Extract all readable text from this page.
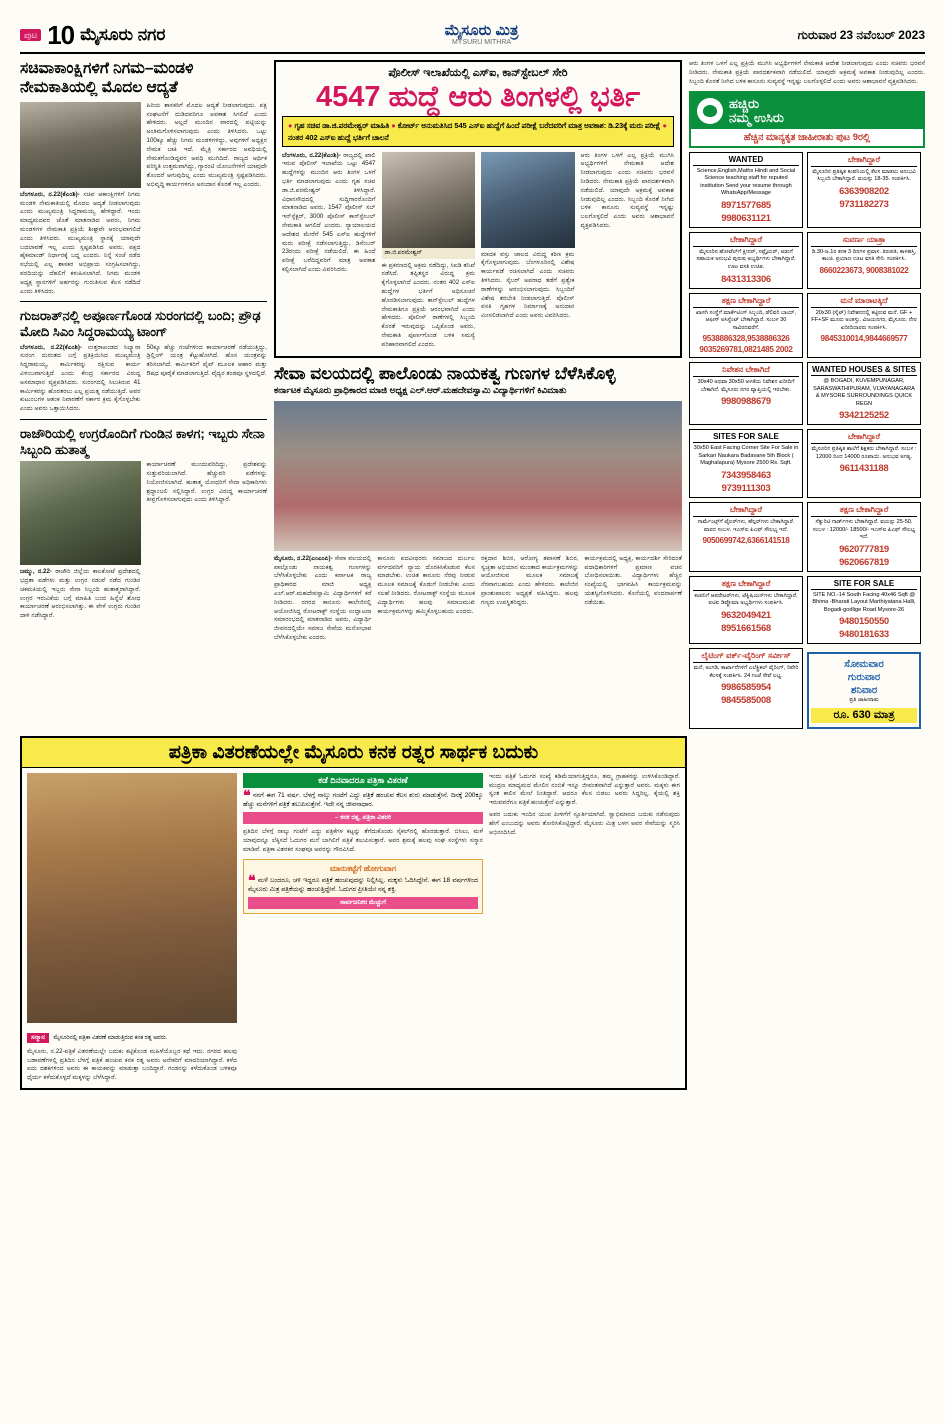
ಪುಟ 10 ಮೈಸೂರು ನಗರ	ಮೈಸೂರು ಮಿತ್ರ
MYSURU MITHRA
ಗುರುವಾರ 23 ನವೆಂಬರ್ 2023
ಸಚಿವಾಕಾಂಕ್ಷಿಗಳಿಗೆ ನಿಗಮ–ಮಂಡಳಿ ನೇಮಕಾತಿಯಲ್ಲಿ ಮೊದಲ ಆದ್ಯತೆ
ಬೆಂಗಳೂರು, ನ.22(ಕೆಎಂಶಿ)- ಸಚಿವ ಆಕಾಂಕ್ಷಿಗಳಿಗೆ ನಿಗಮ ಮಂಡಳಿ ನೇಮಕಾತಿಯಲ್ಲಿ ಮೊದಲ ಆದ್ಯತೆ ನೀಡಲಾಗುವುದು ಎಂದು ಮುಖ್ಯಮಂತ್ರಿ ಸಿದ್ದರಾಮಯ್ಯ ಹೇಳಿದ್ದಾರೆ. ಇಂದು ಮಾಧ್ಯಮದವರ ಜೊತೆ ಮಾತನಾಡಿದ ಅವರು, ನಿಗಮ ಮಂಡಳಿಗಳ ನೇಮಕಾತಿ ಪ್ರಕ್ರಿಯೆ ಶೀಘ್ರವೇ ಆರಂಭವಾಗಲಿದೆ ಎಂದು ತಿಳಿಸಿದರು. ಮುಖ್ಯಮಂತ್ರಿ ಸ್ಥಾನಕ್ಕೆ ಯಾವುದೇ ಬದಲಾವಣೆ ಇಲ್ಲ ಎಂದು ಸ್ಪಷ್ಟಪಡಿಸಿದ ಅವರು, ಪಕ್ಷದ ಹೈಕಮಾಂಡ್ ನಿರ್ಧಾರಕ್ಕೆ ಬದ್ಧ ಎಂದರು. ನಿನ್ನೆ ಸಂಜೆ ನಡೆದ ಸಭೆಯಲ್ಲಿ ಎಲ್ಲ ಶಾಸಕರ ಅಭಿಪ್ರಾಯ ಸಂಗ್ರಹಿಸಲಾಗಿದ್ದು, ವರದಿಯನ್ನು ದೆಹಲಿಗೆ ಕಳುಹಿಸಲಾಗಿದೆ. ನಿಗಮ ಮಂಡಳಿ ಅಧ್ಯಕ್ಷ ಸ್ಥಾನಗಳಿಗೆ ಅರ್ಹರನ್ನು ಗುರುತಿಸುವ ಕೆಲಸ ನಡೆದಿದೆ ಎಂದು ತಿಳಿಸಿದರು.
ಹಿರಿಯ ಶಾಸಕರಿಗೆ ಮೊದಲ ಆದ್ಯತೆ ನೀಡಲಾಗುವುದು. ಪಕ್ಷ ಸಂಘಟನೆಗೆ ದುಡಿದವರಿಗೂ ಅವಕಾಶ ಸಿಗಲಿದೆ ಎಂದು ಹೇಳಿದರು. ಅಲ್ಲದೆ ಮುಂದಿನ ವಾರದಲ್ಲಿ ಪಟ್ಟಿಯನ್ನು ಅಂತಿಮಗೊಳಿಸಲಾಗುವುದು ಎಂದು ತಿಳಿಸಿದರು. ಒಟ್ಟು 100ಕ್ಕೂ ಹೆಚ್ಚು ನಿಗಮ ಮಂಡಳಿಗಳಿದ್ದು, ಅವುಗಳಿಗೆ ಅಧ್ಯಕ್ಷರ ನೇಮಕ ಬಾಕಿ ಇದೆ. ಮೈತ್ರಿ ಸರ್ಕಾರದ ಅವಧಿಯಲ್ಲಿ ನೇಮಕಗೊಂಡಿದ್ದವರ ಅವಧಿ ಮುಗಿದಿದೆ. ರಾಜ್ಯದ ಆರ್ಥಿಕ ಪರಿಸ್ಥಿತಿ ಉತ್ತಮವಾಗಿದ್ದು, ಗ್ಯಾರಂಟಿ ಯೋಜನೆಗಳಿಗೆ ಯಾವುದೇ ತೊಂದರೆ ಆಗುವುದಿಲ್ಲ ಎಂದು ಮುಖ್ಯಮಂತ್ರಿ ಸ್ಪಷ್ಟಪಡಿಸಿದರು. ಅಭಿವೃದ್ಧಿ ಕಾರ್ಯಗಳಿಗೂ ಅನುದಾನ ಕೊರತೆ ಇಲ್ಲ ಎಂದರು.
ಗುಜರಾತ್‌ನಲ್ಲಿ ಅಪೂರ್ಣಗೊಂಡ ಸುರಂಗದಲ್ಲಿ ಬಂದಿ; ಪ್ರೌಢ ಮೋದಿ ಸಿಎಂ ಸಿದ್ದರಾಮಯ್ಯ ಟಾಂಗ್
ಬೆಂಗಳೂರು, ನ.22(ಕೆಎಂಶಿ)- ಉತ್ತರಾಖಂಡದ ಸಿಲ್ಕ್ಯಾರಾ ಸುರಂಗ ದುರಂತದ ಬಗ್ಗೆ ಪ್ರತಿಕ್ರಿಯಿಸಿದ ಮುಖ್ಯಮಂತ್ರಿ ಸಿದ್ದರಾಮಯ್ಯ, ಕಾರ್ಮಿಕರನ್ನು ರಕ್ಷಿಸುವ ಕಾರ್ಯ ವಿಳಂಬವಾಗುತ್ತಿದೆ ಎಂದು ಕೇಂದ್ರ ಸರ್ಕಾರದ ವಿರುದ್ಧ ಅಸಮಾಧಾನ ವ್ಯಕ್ತಪಡಿಸಿದರು. ಸುರಂಗದಲ್ಲಿ ಸಿಲುಕಿರುವ 41 ಕಾರ್ಮಿಕರನ್ನು ಹೊರತರಲು ಎಲ್ಲ ಪ್ರಯತ್ನ ನಡೆಯುತ್ತಿದೆ. ಅವರ ಕುಟುಂಬಗಳ ಆತಂಕ ನಿವಾರಣೆಗೆ ಸರ್ಕಾರ ಕ್ರಮ ಕೈಗೊಳ್ಳಬೇಕು ಎಂದು ಅವರು ಒತ್ತಾಯಿಸಿದರು.
50ಕ್ಕೂ ಹೆಚ್ಚು ಗಂಟೆಗಳಿಂದ ಕಾರ್ಯಾಚರಣೆ ನಡೆಯುತ್ತಿದ್ದು, ಡ್ರಿಲ್ಲಿಂಗ್ ಯಂತ್ರ ಕೆಟ್ಟುಹೋಗಿದೆ. ಹೊಸ ಯಂತ್ರವನ್ನು ತರಿಸಲಾಗಿದೆ. ಕಾರ್ಮಿಕರಿಗೆ ಪೈಪ್ ಮೂಲಕ ಆಹಾರ ಮತ್ತು ಔಷಧ ಪೂರೈಕೆ ಮಾಡಲಾಗುತ್ತಿದೆ. ವೈದ್ಯರ ತಂಡವೂ ಸ್ಥಳದಲ್ಲಿದೆ.
ರಾಜೌರಿಯಲ್ಲಿ ಉಗ್ರರೊಂದಿಗೆ ಗುಂಡಿನ ಕಾಳಗ; ಇಬ್ಬರು ಸೇನಾ ಸಿಬ್ಬಂದಿ ಹುತಾತ್ಮ
ಜಮ್ಮು, ನ.22- ರಾಜೌರಿ ಜಿಲ್ಲೆಯ ಕಾಲಕೋಟೆ ಪ್ರದೇಶದಲ್ಲಿ ಭದ್ರತಾ ಪಡೆಗಳು ಮತ್ತು ಉಗ್ರರ ನಡುವೆ ನಡೆದ ಗುಂಡಿನ ಚಕಮಕಿಯಲ್ಲಿ ಇಬ್ಬರು ಸೇನಾ ಸಿಬ್ಬಂದಿ ಹುತಾತ್ಮರಾಗಿದ್ದಾರೆ. ಉಗ್ರರ ಇರುವಿಕೆಯ ಬಗ್ಗೆ ಮಾಹಿತಿ ಬಂದ ಹಿನ್ನೆಲೆ ಶೋಧ ಕಾರ್ಯಾಚರಣೆ ಆರಂಭಿಸಲಾಗಿತ್ತು. ಈ ವೇಳೆ ಉಗ್ರರು ಗುಂಡಿನ ದಾಳಿ ನಡೆಸಿದ್ದಾರೆ.
ಕಾರ್ಯಾಚರಣೆ ಮುಂದುವರಿದಿದ್ದು, ಪ್ರದೇಶವನ್ನು ಸುತ್ತುವರಿಯಲಾಗಿದೆ. ಹೆಚ್ಚುವರಿ ಪಡೆಗಳನ್ನು ನಿಯೋಜಿಸಲಾಗಿದೆ. ಹುತಾತ್ಮ ಯೋಧರಿಗೆ ಸೇನಾ ಅಧಿಕಾರಿಗಳು ಶ್ರದ್ಧಾಂಜಲಿ ಸಲ್ಲಿಸಿದ್ದಾರೆ. ಉಗ್ರರ ವಿರುದ್ಧ ಕಾರ್ಯಾಚರಣೆ ತೀವ್ರಗೊಳಿಸಲಾಗುವುದು ಎಂದು ತಿಳಿಸಿದ್ದಾರೆ.
ಪೊಲೀಸ್ ಇಲಾಖೆಯಲ್ಲಿ ಎಸ್‌ಐ, ಕಾನ್‌ಸ್ಟೇಬಲ್ ಸೇರಿ
4547 ಹುದ್ದೆ ಆರು ತಿಂಗಳಲ್ಲಿ ಭರ್ತಿ
● ಗೃಹ ಸಚಿವ ಡಾ.ಜಿ.ಪರಮೇಶ್ವರ್ ಮಾಹಿತಿ ● ಕೋರ್ಟ್ ಅನುಮತಿಸಿದ 545 ಎಸ್‌ಐ ಹುದ್ದೆಗೆ ಹಿಂದೆ ಪರೀಕ್ಷೆ ಬರೆದವರಿಗೆ ಮಾತ್ರ ಅವಕಾಶ: ಡಿ.23ಕ್ಕೆ ಮರು ಪರೀಕ್ಷೆ ● ನಂತರ 402 ಎಸ್‌ಐ ಹುದ್ದೆ ಭರ್ತಿಗೆ ಚಾಲನೆ
ಬೆಂಗಳೂರು, ನ.22(ಕೆಎಂಶಿ)- ರಾಜ್ಯದಲ್ಲಿ ಖಾಲಿ ಇರುವ ಪೊಲೀಸ್ ಇಲಾಖೆಯ ಒಟ್ಟು 4547 ಹುದ್ದೆಗಳನ್ನು ಮುಂದಿನ ಆರು ತಿಂಗಳ ಒಳಗೆ ಭರ್ತಿ ಮಾಡಲಾಗುವುದು ಎಂದು ಗೃಹ ಸಚಿವ ಡಾ.ಜಿ.ಪರಮೇಶ್ವರ್ ತಿಳಿಸಿದ್ದಾರೆ. ವಿಧಾನಸೌಧದಲ್ಲಿ ಸುದ್ದಿಗಾರರೊಂದಿಗೆ ಮಾತನಾಡಿದ ಅವರು, 1547 ಪೊಲೀಸ್ ಸಬ್ ಇನ್‌ಸ್ಪೆಕ್ಟರ್, 3000 ಪೊಲೀಸ್ ಕಾನ್‌ಸ್ಟೇಬಲ್ ನೇಮಕಾತಿ ಆಗಲಿದೆ ಎಂದರು. ನ್ಯಾಯಾಲಯದ ಆದೇಶದ ಮೇರೆಗೆ 545 ಎಸ್‌ಐ ಹುದ್ದೆಗಳಿಗೆ ಮರು ಪರೀಕ್ಷೆ ನಡೆಸಲಾಗುತ್ತಿದ್ದು, ಡಿಸೆಂಬರ್ 23ರಂದು ಪರೀಕ್ಷೆ ನಡೆಯಲಿದೆ. ಈ ಹಿಂದೆ ಪರೀಕ್ಷೆ ಬರೆದಿದ್ದವರಿಗೆ ಮಾತ್ರ ಅವಕಾಶ ಕಲ್ಪಿಸಲಾಗಿದೆ ಎಂದು ವಿವರಿಸಿದರು.
ಡಾ.ಜಿ.ಪರಮೇಶ್ವರ್
ಈ ಪ್ರಕರಣದಲ್ಲಿ ಅಕ್ರಮ ನಡೆದಿದ್ದು, ಸಿಐಡಿ ತನಿಖೆ ನಡೆಸಿದೆ. ತಪ್ಪಿತಸ್ಥರ ವಿರುದ್ಧ ಕ್ರಮ ಕೈಗೊಳ್ಳಲಾಗಿದೆ ಎಂದರು. ನಂತರ 402 ಎಸ್‌ಐ ಹುದ್ದೆಗಳ ಭರ್ತಿಗೆ ಅಧಿಸೂಚನೆ ಹೊರಡಿಸಲಾಗುವುದು. ಕಾನ್‌ಸ್ಟೇಬಲ್ ಹುದ್ದೆಗಳ ನೇಮಕಾತಿಗೂ ಪ್ರಕ್ರಿಯೆ ಆರಂಭವಾಗಿದೆ ಎಂದು ಹೇಳಿದರು. ಪೊಲೀಸ್ ಠಾಣೆಗಳಲ್ಲಿ ಸಿಬ್ಬಂದಿ ಕೊರತೆ ಇರುವುದನ್ನು ಒಪ್ಪಿಕೊಂಡ ಅವರು, ನೇಮಕಾತಿ ಪೂರ್ಣಗೊಂಡ ಬಳಿಕ ಸಮಸ್ಯೆ ಪರಿಹಾರವಾಗಲಿದೆ ಎಂದರು.
ಮಾದಕ ವಸ್ತು ಜಾಲದ ವಿರುದ್ಧ ಕಠಿಣ ಕ್ರಮ ಕೈಗೊಳ್ಳಲಾಗುವುದು. ಬೆಂಗಳೂರಿನಲ್ಲಿ ವಿಶೇಷ ಕಾರ್ಯಪಡೆ ರಚಿಸಲಾಗಿದೆ ಎಂದು ಸಚಿವರು ತಿಳಿಸಿದರು. ಸೈಬರ್ ಅಪರಾಧ ತಡೆಗೆ ಪ್ರತ್ಯೇಕ ಠಾಣೆಗಳನ್ನು ಆರಂಭಿಸಲಾಗುವುದು. ಸಿಬ್ಬಂದಿಗೆ ವಿಶೇಷ ತರಬೇತಿ ನೀಡಲಾಗುತ್ತಿದೆ. ಪೊಲೀಸ್ ವಸತಿ ಗೃಹಗಳ ನಿರ್ಮಾಣಕ್ಕೆ ಅನುದಾನ ಮೀಸಲಿಡಲಾಗಿದೆ ಎಂದು ಅವರು ವಿವರಿಸಿದರು.
ಆರು ತಿಂಗಳ ಒಳಗೆ ಎಲ್ಲ ಪ್ರಕ್ರಿಯೆ ಮುಗಿಸಿ ಅಭ್ಯರ್ಥಿಗಳಿಗೆ ನೇಮಕಾತಿ ಆದೇಶ ನೀಡಲಾಗುವುದು ಎಂದು ಸಚಿವರು ಭರವಸೆ ನೀಡಿದರು. ನೇಮಕಾತಿ ಪ್ರಕ್ರಿಯೆ ಪಾರದರ್ಶಕವಾಗಿ ನಡೆಯಲಿದೆ. ಯಾವುದೇ ಅಕ್ರಮಕ್ಕೆ ಅವಕಾಶ ನೀಡುವುದಿಲ್ಲ ಎಂದರು. ಸಿಬ್ಬಂದಿ ಕೊರತೆ ನೀಗಿದ ಬಳಿಕ ಕಾನೂನು ಸುವ್ಯವಸ್ಥೆ ಇನ್ನಷ್ಟು ಬಲಗೊಳ್ಳಲಿದೆ ಎಂದು ಅವರು ಆಶಾಭಾವನೆ ವ್ಯಕ್ತಪಡಿಸಿದರು.
ಸೇವಾ ವಲಯದಲ್ಲಿ ಪಾಲೊಂಡು ನಾಯಕತ್ವ ಗುಣಗಳ ಬೆಳೆಸಿಕೊಳ್ಳಿ
ಕರ್ನಾಟಕ ಮೈಸೂರು ಪ್ರಾಧಿಕಾರದ ಮಾಜಿ ಅಧ್ಯಕ್ಷ ಎಲ್.ಆರ್.ಮಹದೇವಸ್ವಾಮಿ ವಿದ್ಯಾರ್ಥಿಗಳಿಗೆ ಕಿವಿಮಾತು
ಮೈಸೂರು, ನ.22(ಎಂಎಂಪಿ)- ಸೇವಾ ವಲಯದಲ್ಲಿ ಪಾಲ್ಗೊಂಡು ನಾಯಕತ್ವ ಗುಣಗಳನ್ನು ಬೆಳೆಸಿಕೊಳ್ಳಬೇಕು ಎಂದು ಕರ್ನಾಟಕ ರಾಜ್ಯ ಪ್ರಾಧಿಕಾರದ ಮಾಜಿ ಅಧ್ಯಕ್ಷ ಎಲ್.ಆರ್.ಮಹದೇವಸ್ವಾಮಿ ವಿದ್ಯಾರ್ಥಿಗಳಿಗೆ ಕರೆ ನೀಡಿದರು. ನಗರದ ಕಾನೂನು ಕಾಲೇಜಿನಲ್ಲಿ ಆಯೋಜಿಸಿದ್ದ ರೋಟರಾಕ್ಟ್ ಸಂಸ್ಥೆಯ ಉದ್ಘಾಟನಾ ಸಮಾರಂಭದಲ್ಲಿ ಮಾತನಾಡಿದ ಅವರು, ವಿದ್ಯಾರ್ಥಿ ಜೀವನದಲ್ಲಿಯೇ ಸಮಾಜ ಸೇವೆಯ ಮನೋಭಾವ ಬೆಳೆಸಿಕೊಳ್ಳಬೇಕು ಎಂದರು.
ಕಾನೂನು ಪದವೀಧರರು ಸಮಾಜದ ದುರ್ಬಲ ವರ್ಗದವರಿಗೆ ನ್ಯಾಯ ದೊರಕಿಸಿಕೊಡುವ ಕೆಲಸ ಮಾಡಬೇಕು. ಉಚಿತ ಕಾನೂನು ನೆರವು ನೀಡುವ ಮೂಲಕ ಸಮಾಜಕ್ಕೆ ಕೊಡುಗೆ ನೀಡಬೇಕು ಎಂದು ಸಲಹೆ ನೀಡಿದರು. ರೋಟರಾಕ್ಟ್ ಸಂಸ್ಥೆಯ ಮೂಲಕ ವಿದ್ಯಾರ್ಥಿಗಳು ಹಲವು ಸಮಾಜಮುಖಿ ಕಾರ್ಯಕ್ರಮಗಳನ್ನು ಹಮ್ಮಿಕೊಳ್ಳಬಹುದು ಎಂದರು.
ರಕ್ತದಾನ ಶಿಬಿರ, ಆರೋಗ್ಯ ತಪಾಸಣೆ ಶಿಬಿರ, ಸ್ವಚ್ಛತಾ ಅಭಿಯಾನ ಮುಂತಾದ ಕಾರ್ಯಕ್ರಮಗಳನ್ನು ಆಯೋಜಿಸುವ ಮೂಲಕ ಸಮಾಜಕ್ಕೆ ನೆರವಾಗಬಹುದು ಎಂದು ಹೇಳಿದರು. ಕಾಲೇಜಿನ ಪ್ರಾಂಶುಪಾಲರು ಅಧ್ಯಕ್ಷತೆ ವಹಿಸಿದ್ದರು. ಹಲವು ಗಣ್ಯರು ಉಪಸ್ಥಿತರಿದ್ದರು.
ಕಾರ್ಯಕ್ರಮದಲ್ಲಿ ಅಧ್ಯಕ್ಷ, ಕಾರ್ಯದರ್ಶಿ ಸೇರಿದಂತೆ ಪದಾಧಿಕಾರಿಗಳಿಗೆ ಪ್ರಮಾಣ ವಚನ ಬೋಧಿಸಲಾಯಿತು. ವಿದ್ಯಾರ್ಥಿಗಳು ಹೆಚ್ಚಿನ ಸಂಖ್ಯೆಯಲ್ಲಿ ಭಾಗವಹಿಸಿ ಕಾರ್ಯಕ್ರಮವನ್ನು ಯಶಸ್ವಿಗೊಳಿಸಿದರು. ಕೊನೆಯಲ್ಲಿ ವಂದನಾರ್ಪಣೆ ನಡೆಯಿತು.
ಆರು ತಿಂಗಳ ಒಳಗೆ ಎಲ್ಲ ಪ್ರಕ್ರಿಯೆ ಮುಗಿಸಿ ಅಭ್ಯರ್ಥಿಗಳಿಗೆ ನೇಮಕಾತಿ ಆದೇಶ ನೀಡಲಾಗುವುದು ಎಂದು ಸಚಿವರು ಭರವಸೆ ನೀಡಿದರು. ನೇಮಕಾತಿ ಪ್ರಕ್ರಿಯೆ ಪಾರದರ್ಶಕವಾಗಿ ನಡೆಯಲಿದೆ. ಯಾವುದೇ ಅಕ್ರಮಕ್ಕೆ ಅವಕಾಶ ನೀಡುವುದಿಲ್ಲ ಎಂದರು. ಸಿಬ್ಬಂದಿ ಕೊರತೆ ನೀಗಿದ ಬಳಿಕ ಕಾನೂನು ಸುವ್ಯವಸ್ಥೆ ಇನ್ನಷ್ಟು ಬಲಗೊಳ್ಳಲಿದೆ ಎಂದು ಅವರು ಆಶಾಭಾವನೆ ವ್ಯಕ್ತಪಡಿಸಿದರು.
ಹಚ್ಚಿರು
ನಮ್ಮ ಉಸಿರು
ಹೆಚ್ಚಿನ ಮಾನ್ಯಕೃತ ಜಾಹೀರಾತು ಪುಟ 9ರಲ್ಲಿ
WANTED
Science,English,Maths Hindi and Social Science teaching staff for reputed institution Send your resume through WhatsApp/Message
8971577685
9980631121
ಬೇಕಾಗಿದ್ದಾರೆ
ಮೈಸೂರಿನ ಪ್ರತಿಷ್ಠಿತ ಕಂಪನಿಯಲ್ಲಿ ಕೆಲಸ ಮಾಡಲು ಅನುಭವಿ ಸಿಬ್ಬಂದಿ ಬೇಕಾಗಿದ್ದಾರೆ. ವಯಸ್ಸು 18-35. ಸಂಪರ್ಕಿಸಿ.
6363908202
9731182273
ಬೇಕಾಗಿದ್ದಾರೆ
ಮೈಸೂರಿನ ಹೋಟೆಲ್‌ಗೆ ಕ್ಲೀನರ್, ಸಪ್ಲೈಯರ್, ಅಡುಗೆ ಸಹಾಯಕ ಅನುಭವಿ ಪುರುಷ ಅಭ್ಯರ್ಥಿಗಳು ಬೇಕಾಗಿದ್ದಾರೆ. ಊಟ ವಸತಿ ಉಚಿತ.
8431313306
ಸುವರ್ಣ ಯಾತ್ರಾ
ಡಿ.30-ಜ.1ರ ತನಕ 3 ದಿನಗಳ ಪ್ರವಾಸ. ತಿರುಪತಿ, ಕಾಳಹಸ್ತಿ, ಕಾಂಚಿ. ಪ್ರಯಾಣ ಊಟ ವಸತಿ ಸೇರಿ. ಸಂಪರ್ಕಿಸಿ.
8660223673, 9008381022
ತಕ್ಷಣ ಬೇಕಾಗಿದ್ದಾರೆ
ಖಾಸಗಿ ಸಂಸ್ಥೆಗೆ ಮಾರ್ಕೆಟಿಂಗ್ ಸಿಬ್ಬಂದಿ, ಡೆಲಿವರಿ ಬಾಯ್, ಆಫೀಸ್ ಅಸಿಸ್ಟೆಂಟ್ ಬೇಕಾಗಿದ್ದಾರೆ. ಸಂಬಳ 30 ಸಾವಿರದವರೆಗೆ.
9538886328,9538886326
9035269781,0821485 2002
ಮನೆ ಮಾರಾಟಕ್ಕಿದೆ
20x30 (ಸೈಟ್) ನಿವೇಶನದಲ್ಲಿ ಕಟ್ಟಿರುವ ಮನೆ. GF + FF+SF ಮೂರು ಅಂತಸ್ತು. ವಿಜಯನಗರ, ಮೈಸೂರು. ನೇರ ಖರೀದಿದಾರರು ಸಂಪರ್ಕಿಸಿ.
9845310014,9844669577
ನಿವೇಶನ ಬೇಕಾಗಿದೆ
30x40 ಅಥವಾ 30x50 ಅಳತೆಯ ನಿವೇಶನ ಖರೀದಿಗೆ ಬೇಕಾಗಿದೆ. ಮೈಸೂರು ನಗರ ವ್ಯಾಪ್ತಿಯಲ್ಲಿ ಇರಬೇಕು.
9980988679
WANTED HOUSES & SITES
@ BOGADI, KUVEMPUNAGAR, SARASWATHIPURAM, VIJAYANAGARA & MYSORE SURROUNDINGS QUICK REGN
9342125252
SITES FOR SALE
30x50 East Facing Corner Site For Sale in Sarkari Naukara Badavane 5th Block ( Maghalapura) Mysore 2500 Rs. Sqft.
7343958463
9739111303
ಬೇಕಾಗಿದ್ದಾರೆ
ಮೈಸೂರಿನ ಪ್ರತಿಷ್ಠಿತ ಶಾಲೆಗೆ ಶಿಕ್ಷಕರು ಬೇಕಾಗಿದ್ದಾರೆ. ಸಂಬಳ : 12000 ದಿಂದ 14000 ರೂಪಾಯಿ. ಅನುಭವ ಅಗತ್ಯ.
9611431188
ಬೇಕಾಗಿದ್ದಾರೆ
ಗಾರ್ಮೆಂಟ್ಸ್‌ಗೆ ಟೈಲರ್‌ಗಳು, ಹೆಲ್ಪರ್‌ಗಳು ಬೇಕಾಗಿದ್ದಾರೆ. ವಾರದ ಸಂಬಳ. ಇಎಸ್‌ಐ ಪಿಎಫ್ ಸೌಲಭ್ಯ ಇದೆ.
9050699742,6366141518
ತಕ್ಷಣ ಬೇಕಾಗಿದ್ದಾರೆ
ಸೆಕ್ಯುರಿಟಿ ಗಾರ್ಡ್‌ಗಳು ಬೇಕಾಗಿದ್ದಾರೆ. ವಯಸ್ಸು 25-50. ಸಂಬಳ : 12000/- 18500/- ಇಎಸ್‌ಐ ಪಿಎಫ್ ಸೌಲಭ್ಯ ಇದೆ.
9620777819
9620667819
ತಕ್ಷಣ ಬೇಕಾಗಿದ್ದಾರೆ
ಕಂಪನಿಗೆ ಆಪರೇಟರ್‌ಗಳು, ಟೆಕ್ನಿಷಿಯನ್‌ಗಳು ಬೇಕಾಗಿದ್ದಾರೆ. ಐಟಿಐ ಡಿಪ್ಲೊಮಾ ಅಭ್ಯರ್ಥಿಗಳು ಸಂಪರ್ಕಿಸಿ.
9632049421
8951661568
SITE FOR SALE
SITE NO.-14 South Facing 40x46 Sqft @ Bhima -Bharati Layout Marthiyatana Halli, Bogadi-godlige Road Mysore-26
9480150550
9480181633
ಲೈಟಿಂಗ್ ವರ್ಕ್-ವೈರಿಂಗ್ ಸರ್ವೀಸ್
ಮನೆ, ಅಂಗಡಿ, ಕಾರ್ಖಾನೆಗಳಿಗೆ ಎಲೆಕ್ಟ್ರಿಕಲ್ ವೈರಿಂಗ್, ರಿಪೇರಿ ಕೆಲಸಕ್ಕೆ ಸಂಪರ್ಕಿಸಿ. 24 ಗಂಟೆ ಸೇವೆ ಲಭ್ಯ.
9986585954
9845585008
ಸೋಮವಾರ
ಗುರುವಾರ
ಶನಿವಾರ
ಪ್ರತಿ ಜಾಹೀರಾತು
ರೂ. 630 ಮಾತ್ರ
ಪತ್ರಿಕಾ ವಿತರಣೆಯಲ್ಲೇ ಮೈಸೂರು ಕನಕ ರತ್ನರ ಸಾರ್ಥಕ ಬದುಕು
ಸನ್ಮಾನ ಮೈಸೂರಿನಲ್ಲಿ ಪತ್ರಿಕಾ ವಿತರಣೆ ಮಾಡುತ್ತಿರುವ ಕನಕ ರತ್ನ ಅವರು.
ಮೈಸೂರು, ನ.22-ಪತ್ರಿಕೆ ವಿತರಣೆಯಲ್ಲೇ ಬದುಕು ಕಟ್ಟಿಕೊಂಡ ಮಹಿಳೆಯೊಬ್ಬರ ಕಥೆ ಇದು. ನಗರದ ಹಲವು ಬಡಾವಣೆಗಳಲ್ಲಿ ಪ್ರತಿದಿನ ಬೆಳಗ್ಗೆ ಪತ್ರಿಕೆ ಹಂಚುವ ಕನಕ ರತ್ನ ಅವರು ಅನೇಕರಿಗೆ ಮಾದರಿಯಾಗಿದ್ದಾರೆ. ಕಳೆದ ಐದು ದಶಕಗಳಿಂದ ಅವರು ಈ ಕಾಯಕವನ್ನು ಮಾಡುತ್ತಾ ಬಂದಿದ್ದಾರೆ. ಗಂಡನನ್ನು ಕಳೆದುಕೊಂಡ ಬಳಿಕವೂ ಧೈರ್ಯ ಕಳೆದುಕೊಳ್ಳದೆ ಮಕ್ಕಳನ್ನು ಬೆಳೆಸಿದ್ದಾರೆ.
ಕಡೆ ದಿನವಾದರೂ ಪತ್ರಿಕಾ ವಿತರಣೆ
❝ ನನಗೆ ಈಗ 71 ವರ್ಷ. ಬೆಳಗ್ಗೆ ನಾಲ್ಕು ಗಂಟೆಗೆ ಎದ್ದು ಪತ್ರಿಕೆ ಹಂಚುವ ಕೆಲಸ ಶುರು ಮಾಡುತ್ತೇನೆ. ದಿನಕ್ಕೆ 200ಕ್ಕೂ ಹೆಚ್ಚು ಮನೆಗಳಿಗೆ ಪತ್ರಿಕೆ ತಲುಪಿಸುತ್ತೇನೆ. ಇದೇ ನನ್ನ ಜೀವನಾಧಾರ.
– ಕನಕ ರತ್ನ, ಪತ್ರಿಕಾ ವಿತರಕಿ
ಪ್ರತಿದಿನ ಬೆಳಗ್ಗೆ ನಾಲ್ಕು ಗಂಟೆಗೆ ಎದ್ದು ಪತ್ರಿಕೆಗಳ ಕಟ್ಟನ್ನು ತೆಗೆದುಕೊಂಡು ಸೈಕಲ್‌ನಲ್ಲಿ ಹೊರಡುತ್ತಾರೆ. ಬಿಸಿಲು, ಮಳೆ ಯಾವುದನ್ನೂ ಲೆಕ್ಕಿಸದೆ ಓದುಗರ ಮನೆ ಬಾಗಿಲಿಗೆ ಪತ್ರಿಕೆ ತಲುಪಿಸುತ್ತಾರೆ. ಅವರ ಶ್ರಮಕ್ಕೆ ಹಲವು ಸಂಘ ಸಂಸ್ಥೆಗಳು ಸನ್ಮಾನ ಮಾಡಿವೆ. ಪತ್ರಿಕಾ ವಿತರಕರ ಸಂಘವೂ ಅವರನ್ನು ಗೌರವಿಸಿದೆ.
ಮಾರುಕಟ್ಟೆಗೆ ಹೋಗುವಾಗ
❝ ಮಳೆ ಬಂದರೂ, ಚಳಿ ಇದ್ದರೂ ಪತ್ರಿಕೆ ಹಂಚುವುದನ್ನು ನಿಲ್ಲಿಸಿಲ್ಲ. ಮಕ್ಕಳು ಓದಿಸಿದ್ದೇನೆ. ಈಗ 18 ವರ್ಷಗಳಿಂದ ಮೈಸೂರು ಮಿತ್ರ ಪತ್ರಿಕೆಯನ್ನು ಹಂಚುತ್ತಿದ್ದೇನೆ. ಓದುಗರ ಪ್ರೀತಿಯೇ ನನ್ನ ಶಕ್ತಿ.
ಸಾರ್ವಜನಿಕರ ಮೆಚ್ಚುಗೆ
ಇಂದು ಪತ್ರಿಕೆ ಓದುಗರ ಸಂಖ್ಯೆ ಕಡಿಮೆಯಾಗುತ್ತಿದ್ದರೂ, ತಮ್ಮ ಗ್ರಾಹಕರನ್ನು ಉಳಿಸಿಕೊಂಡಿದ್ದಾರೆ. ಮುದ್ರಣ ಮಾಧ್ಯಮದ ಮೇಲಿನ ನಂಬಿಕೆ ಇನ್ನೂ ಜೀವಂತವಾಗಿದೆ ಎನ್ನುತ್ತಾರೆ ಅವರು. ಮಕ್ಕಳು ಈಗ ಸ್ವಂತ ಕಾಲಿನ ಮೇಲೆ ನಿಂತಿದ್ದಾರೆ. ಆದರೂ ಕೆಲಸ ಬಿಡಲು ಅವರು ಸಿದ್ಧರಿಲ್ಲ. ಕೈಯಲ್ಲಿ ಶಕ್ತಿ ಇರುವವರೆಗೂ ಪತ್ರಿಕೆ ಹಂಚುತ್ತೇನೆ ಎನ್ನುತ್ತಾರೆ.
ಅವರ ಬದುಕು ಇಂದಿನ ಯುವ ಪೀಳಿಗೆಗೆ ಸ್ಫೂರ್ತಿಯಾಗಿದೆ. ಸ್ವಾಭಿಮಾನದ ಬದುಕು ನಡೆಸುವುದು ಹೇಗೆ ಎಂಬುದನ್ನು ಅವರು ತೋರಿಸಿಕೊಟ್ಟಿದ್ದಾರೆ. ಮೈಸೂರು ಮಿತ್ರ ಬಳಗ ಅವರ ಸೇವೆಯನ್ನು ಸ್ಮರಿಸಿ ಅಭಿನಂದಿಸಿದೆ.
